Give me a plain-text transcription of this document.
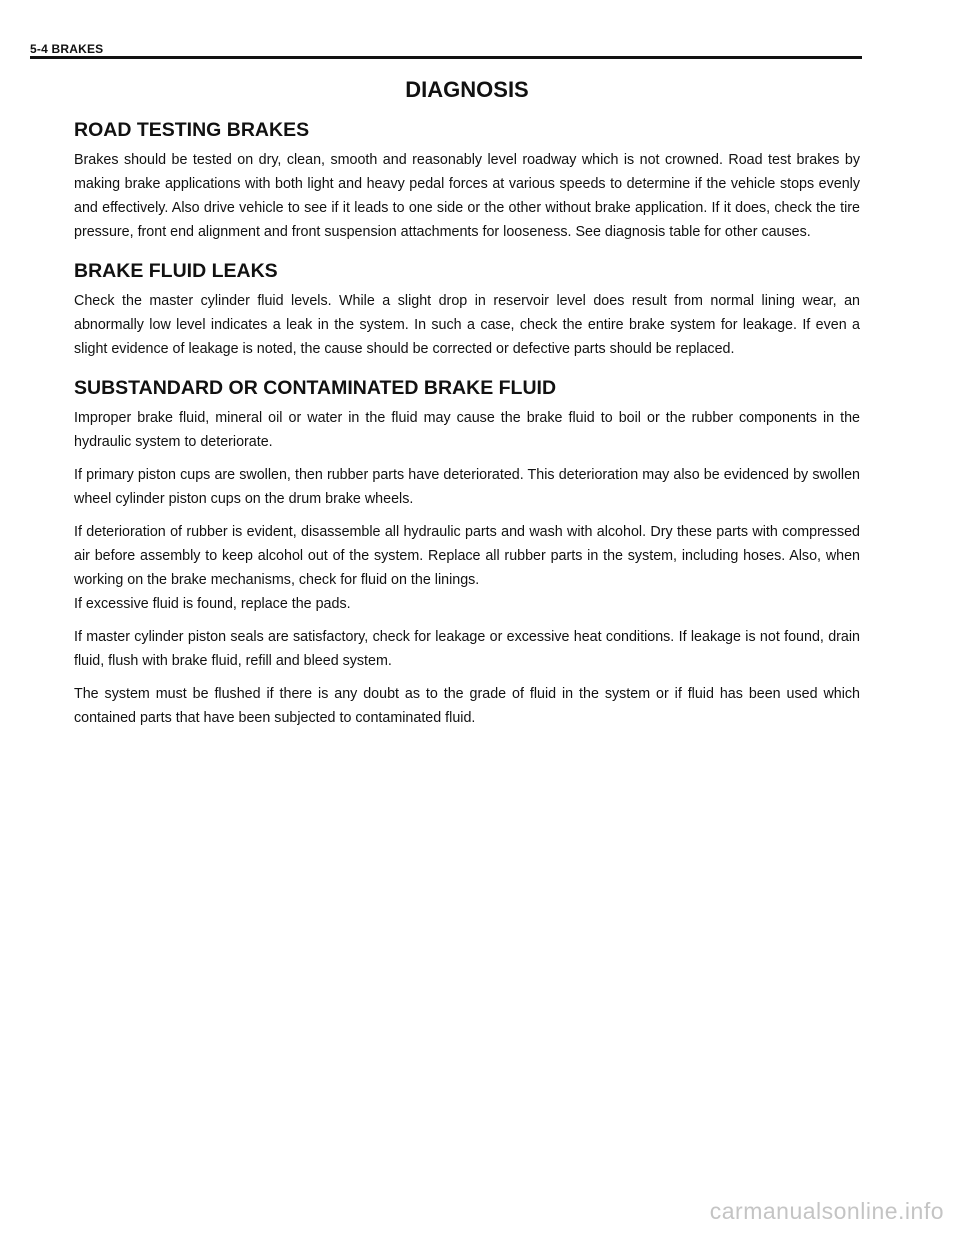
5-4 BRAKES
DIAGNOSIS
ROAD TESTING BRAKES

Brakes should be tested on dry, clean, smooth and reasonably level roadway which is not crowned. Road test brakes by making brake applications with both light and heavy pedal forces at various speeds to determine if the vehicle stops evenly and effectively. Also drive vehicle to see if it leads to one side or the other without brake application. If it does, check the tire pressure, front end alignment and front suspension attachments for looseness. See diagnosis table for other causes.

BRAKE FLUID LEAKS

Check the master cylinder fluid levels. While a slight drop in reservoir level does result from normal lining wear, an abnormally low level indicates a leak in the system. In such a case, check the entire brake system for leakage. If even a slight evidence of leakage is noted, the cause should be corrected or defective parts should be replaced.

SUBSTANDARD OR CONTAMINATED BRAKE FLUID

Improper brake fluid, mineral oil or water in the fluid may cause the brake fluid to boil or the rubber components in the hydraulic system to deteriorate.

If primary piston cups are swollen, then rubber parts have deteriorated. This deterioration may also be evidenced by swollen wheel cylinder piston cups on the drum brake wheels.

If deterioration of rubber is evident, disassemble all hydraulic parts and wash with alcohol. Dry these parts with compressed air before assembly to keep alcohol out of the system. Replace all rubber parts in the system, including hoses. Also, when working on the brake mechanisms, check for fluid on the linings.
If excessive fluid is found, replace the pads.

If master cylinder piston seals are satisfactory, check for leakage or excessive heat conditions. If leakage is not found, drain fluid, flush with brake fluid, refill and bleed system.

The system must be flushed if there is any doubt as to the grade of fluid in the system or if fluid has been used which contained parts that have been subjected to contaminated fluid.

carmanualsonline.info
